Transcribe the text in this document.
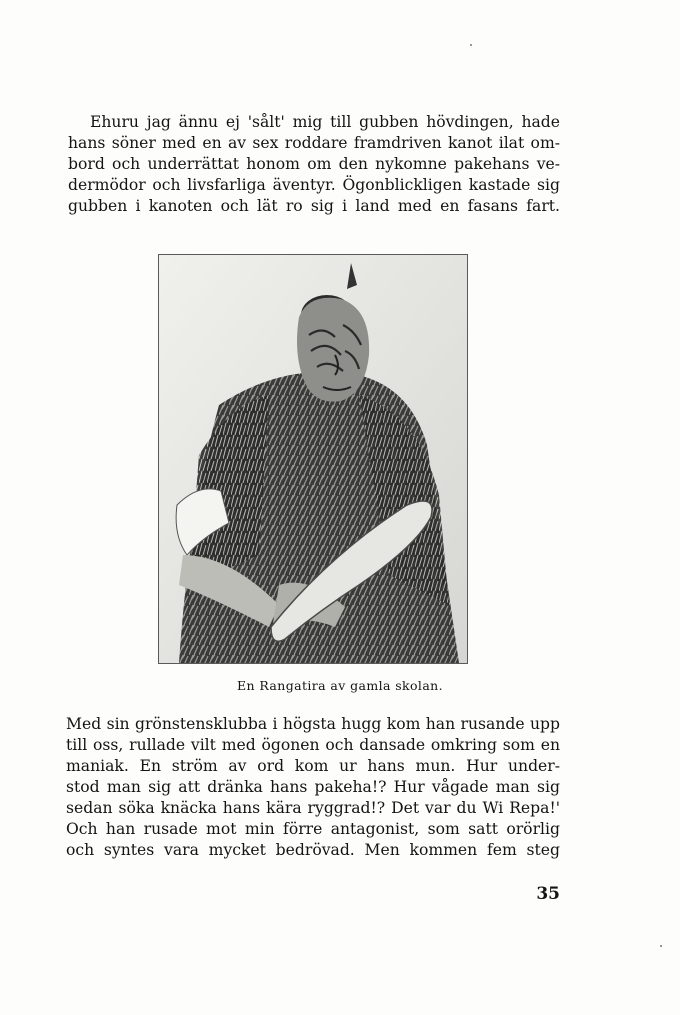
Ehuru jag ännu ej 'sålt' mig till gubben hövdingen, hade
hans söner med en av sex roddare framdriven kanot ilat om-
bord och underrättat honom om den nykomne pakehans ve-
dermödor och livsfarliga äventyr. Ögonblickligen kastade sig
gubben i kanoten och lät ro sig i land med en fasans fart.

En Rangatira av gamla skolan.

Med sin grönstensklubba i högsta hugg kom han rusande upp
till oss, rullade vilt med ögonen och dansade omkring som en
maniak. En ström av ord kom ur hans mun. Hur under-
stod man sig att dränka hans pakeha!? Hur vågade man sig
sedan söka knäcka hans kära ryggrad!? Det var du Wi Repa!'
Och han rusade mot min förre antagonist, som satt orörlig
och syntes vara mycket bedrövad. Men kommen fem steg

35
